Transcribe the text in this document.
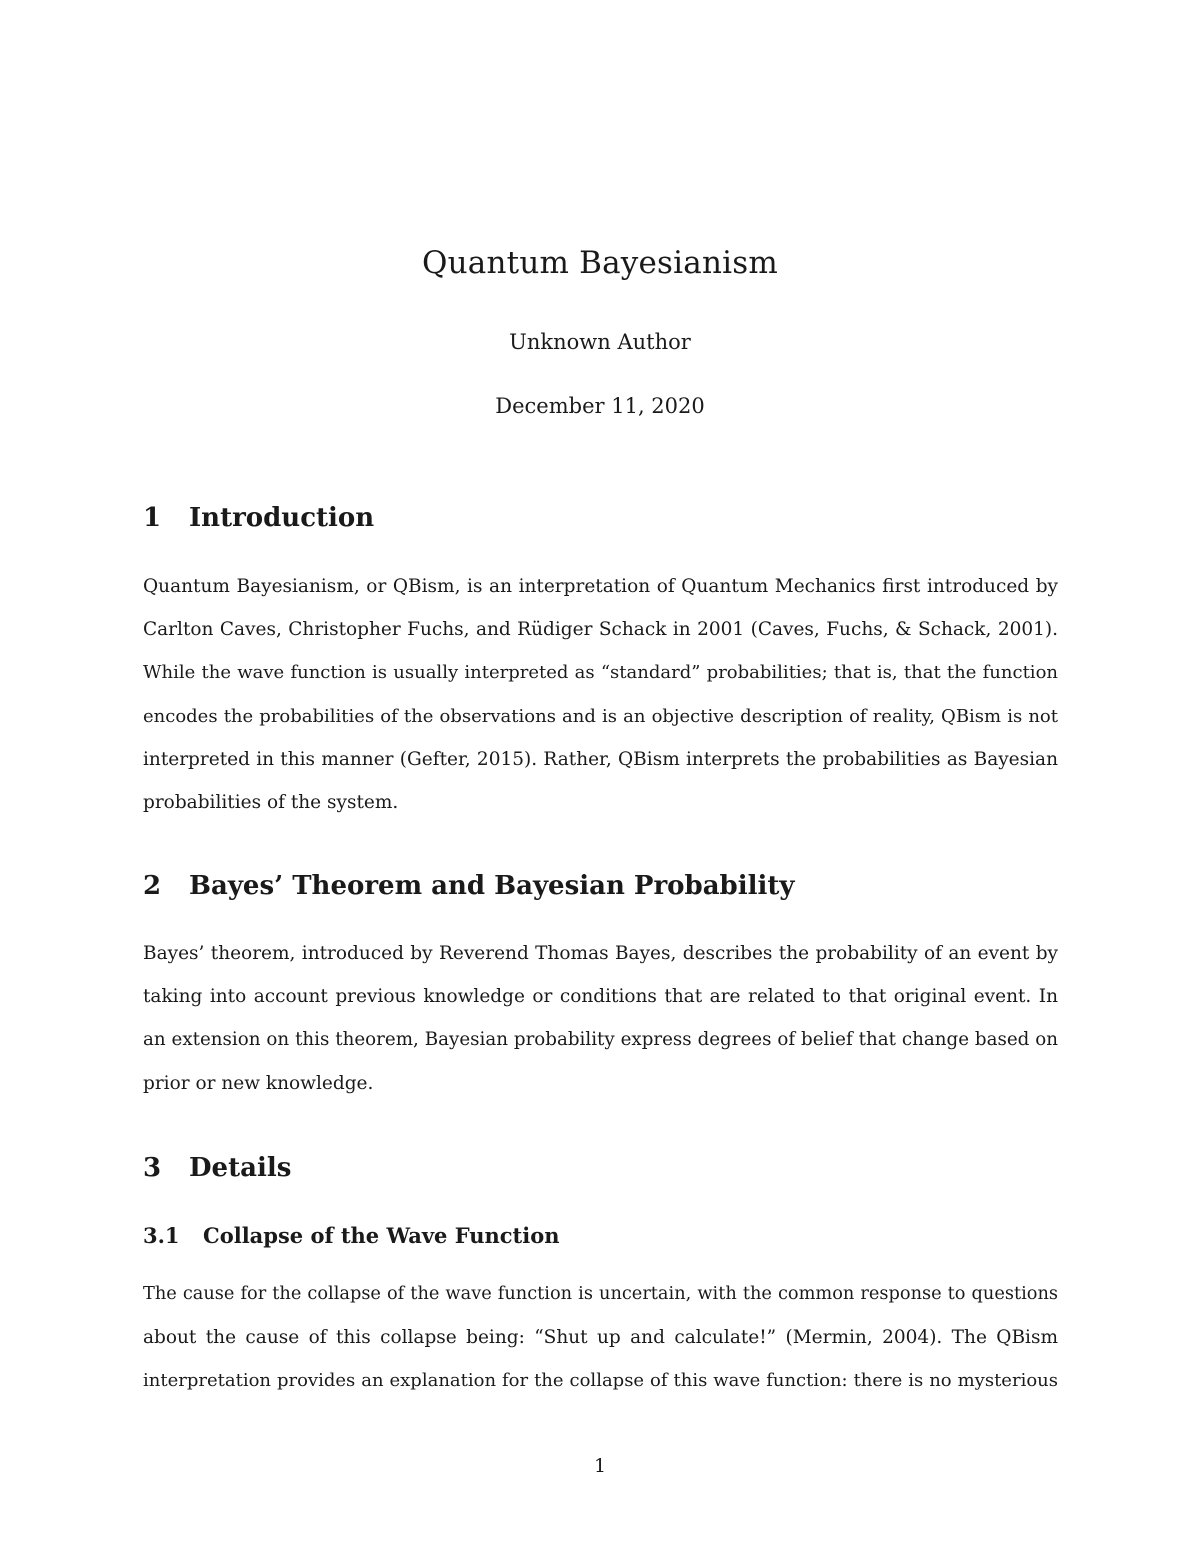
Quantum Bayesianism
Unknown Author
December 11, 2020
1 Introduction
Quantum Bayesianism, or QBism, is an interpretation of Quantum Mechanics first introduced by
Carlton Caves, Christopher Fuchs, and Rüdiger Schack in 2001 (Caves, Fuchs, & Schack, 2001).
While the wave function is usually interpreted as “standard” probabilities; that is, that the function
encodes the probabilities of the observations and is an objective description of reality, QBism is not
interpreted in this manner (Gefter, 2015). Rather, QBism interprets the probabilities as Bayesian
probabilities of the system.
2 Bayes’ Theorem and Bayesian Probability
Bayes’ theorem, introduced by Reverend Thomas Bayes, describes the probability of an event by
taking into account previous knowledge or conditions that are related to that original event. In
an extension on this theorem, Bayesian probability express degrees of belief that change based on
prior or new knowledge.
3 Details
3.1 Collapse of the Wave Function
The cause for the collapse of the wave function is uncertain, with the common response to questions
about the cause of this collapse being: “Shut up and calculate!” (Mermin, 2004). The QBism
interpretation provides an explanation for the collapse of this wave function: there is no mysterious
1
